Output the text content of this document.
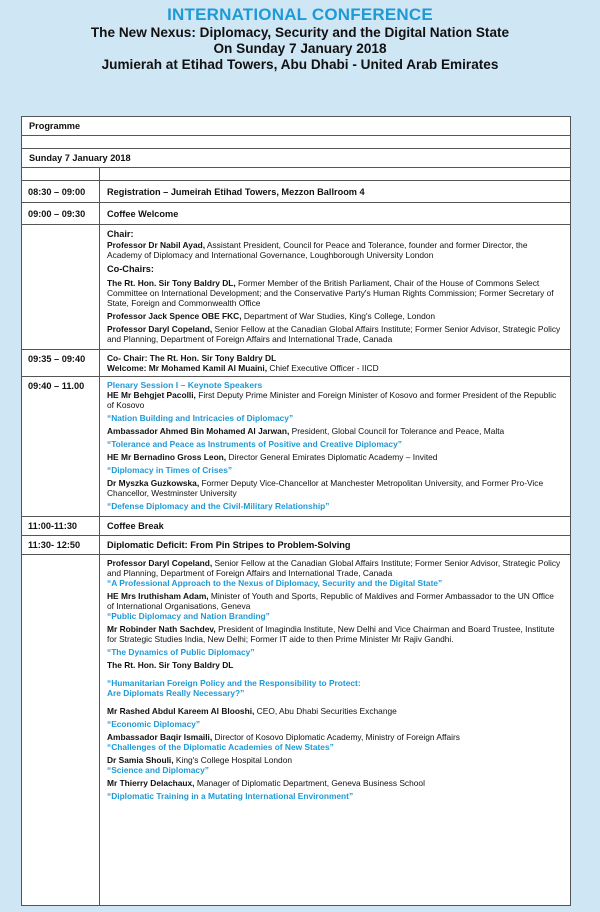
INTERNATIONAL CONFERENCE
The New Nexus: Diplomacy, Security and the Digital Nation State
On Sunday 7 January 2018
Jumierah at Etihad Towers, Abu Dhabi - United Arab Emirates
Programme
Sunday 7 January 2018
08:30 – 09:00	Registration – Jumeirah Etihad Towers, Mezzon Ballroom 4
09:00 – 09:30	Coffee Welcome
Chair:
Professor Dr Nabil Ayad, Assistant President, Council for Peace and Tolerance, founder and former Director, the Academy of Diplomacy and International Governance, Loughborough University London
Co-Chairs:
The Rt. Hon. Sir Tony Baldry DL, Former Member of the British Parliament, Chair of the House of Commons Select Committee on International Development; and the Conservative Party's Human Rights Commission; Former Secretary of State, Foreign and Commonwealth Office
Professor Jack Spence OBE FKC, Department of War Studies, King's College, London
Professor Daryl Copeland, Senior Fellow at the Canadian Global Affairs Institute; Former Senior Advisor, Strategic Policy and Planning, Department of Foreign Affairs and International Trade, Canada
09:35 – 09:40	Co- Chair: The Rt. Hon. Sir Tony Baldry DL
Welcome: Mr Mohamed Kamil Al Muaini, Chief Executive Officer - IICD
09:40 – 11.00	Plenary Session I – Keynote Speakers
HE Mr Behgjet Pacolli, First Deputy Prime Minister and Foreign Minister of Kosovo and former President of the Republic of Kosovo
“Nation Building and Intricacies of Diplomacy”
Ambassador Ahmed Bin Mohamed Al Jarwan, President, Global Council for Tolerance and Peace, Malta
“Tolerance and Peace as Instruments of Positive and Creative Diplomacy”
HE Mr Bernadino Gross Leon, Director General Emirates Diplomatic Academy – Invited
“Diplomacy in Times of Crises”
Dr Myszka Guzkowska, Former Deputy Vice-Chancellor at Manchester Metropolitan University, and Former Pro-Vice Chancellor, Westminster University
“Defense Diplomacy and the Civil-Military Relationship”
11:00-11:30	Coffee Break
11:30- 12:50	Diplomatic Deficit: From Pin Stripes to Problem-Solving
Professor Daryl Copeland, Senior Fellow at the Canadian Global Affairs Institute; Former Senior Advisor, Strategic Policy and Planning, Department of Foreign Affairs and International Trade, Canada
“A Professional Approach to the Nexus of Diplomacy, Security and the Digital State”
HE Mrs Iruthisham Adam, Minister of Youth and Sports, Republic of Maldives and Former Ambassador to the UN Office of International Organisations, Geneva
“Public Diplomacy and Nation Branding”
Mr Robinder Nath Sachdev, President of Imagindia Institute, New Delhi and Vice Chairman and Board Trustee, Institute for Strategic Studies India, New Delhi; Former IT aide to then Prime Minister Mr Rajiv Gandhi.
“The Dynamics of Public Diplomacy”
The Rt. Hon. Sir Tony Baldry DL
“Humanitarian Foreign Policy and the Responsibility to Protect:
Are Diplomats Really Necessary?”
Mr Rashed Abdul Kareem Al Blooshi, CEO, Abu Dhabi Securities Exchange
“Economic Diplomacy”
Ambassador Baqir Ismaili, Director of Kosovo Diplomatic Academy, Ministry of Foreign Affairs
“Challenges of the Diplomatic Academies of New States”
Dr Samia Shouli, King's College Hospital London
“Science and Diplomacy”
Mr Thierry Delachaux, Manager of Diplomatic Department, Geneva Business School
“Diplomatic Training in a Mutating International Environment”
